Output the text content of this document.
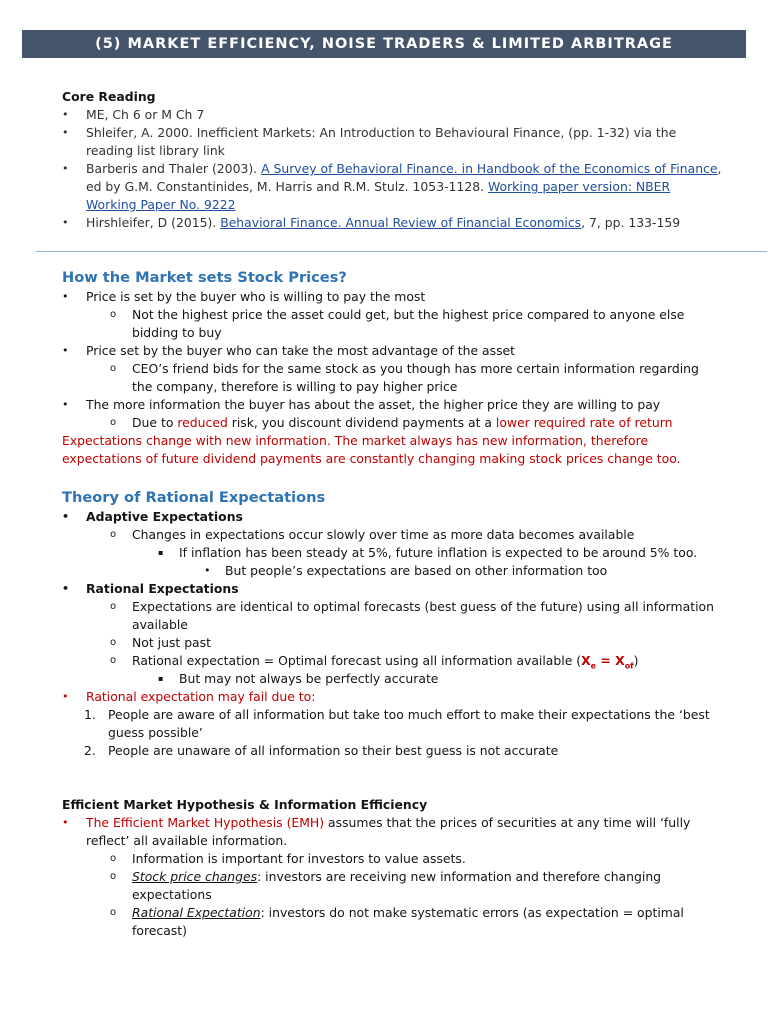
(5) MARKET EFFICIENCY, NOISE TRADERS & LIMITED ARBITRAGE
Core Reading
• ME, Ch 6 or M Ch 7
• Shleifer, A. 2000. Inefficient Markets: An Introduction to Behavioural Finance, (pp. 1-32) via the reading list library link
• Barberis and Thaler (2003). A Survey of Behavioral Finance. in Handbook of the Economics of Finance, ed by G.M. Constantinides, M. Harris and R.M. Stulz. 1053-1128. Working paper version: NBER Working Paper No. 9222
• Hirshleifer, D (2015). Behavioral Finance. Annual Review of Financial Economics, 7, pp. 133-159
How the Market sets Stock Prices?
• Price is set by the buyer who is willing to pay the most
o Not the highest price the asset could get, but the highest price compared to anyone else bidding to buy
• Price set by the buyer who can take the most advantage of the asset
o CEO’s friend bids for the same stock as you though has more certain information regarding the company, therefore is willing to pay higher price
• The more information the buyer has about the asset, the higher price they are willing to pay
o Due to reduced risk, you discount dividend payments at a lower required rate of return
Expectations change with new information. The market always has new information, therefore expectations of future dividend payments are constantly changing making stock prices change too.
Theory of Rational Expectations
• Adaptive Expectations
o Changes in expectations occur slowly over time as more data becomes available
▪ If inflation has been steady at 5%, future inflation is expected to be around 5% too.
• But people’s expectations are based on other information too
• Rational Expectations
o Expectations are identical to optimal forecasts (best guess of the future) using all information available
o Not just past
o Rational expectation = Optimal forecast using all information available $(X_e = X_{of})$
▪ But may not always be perfectly accurate
• Rational expectation may fail due to:
1. People are aware of all information but take too much effort to make their expectations the ‘best guess possible’
2. People are unaware of all information so their best guess is not accurate
Efficient Market Hypothesis & Information Efficiency
• The Efficient Market Hypothesis (EMH) assumes that the prices of securities at any time will ‘fully reflect’ all available information.
o Information is important for investors to value assets.
o Stock price changes: investors are receiving new information and therefore changing expectations
o Rational Expectation: investors do not make systematic errors (as expectation = optimal forecast)
